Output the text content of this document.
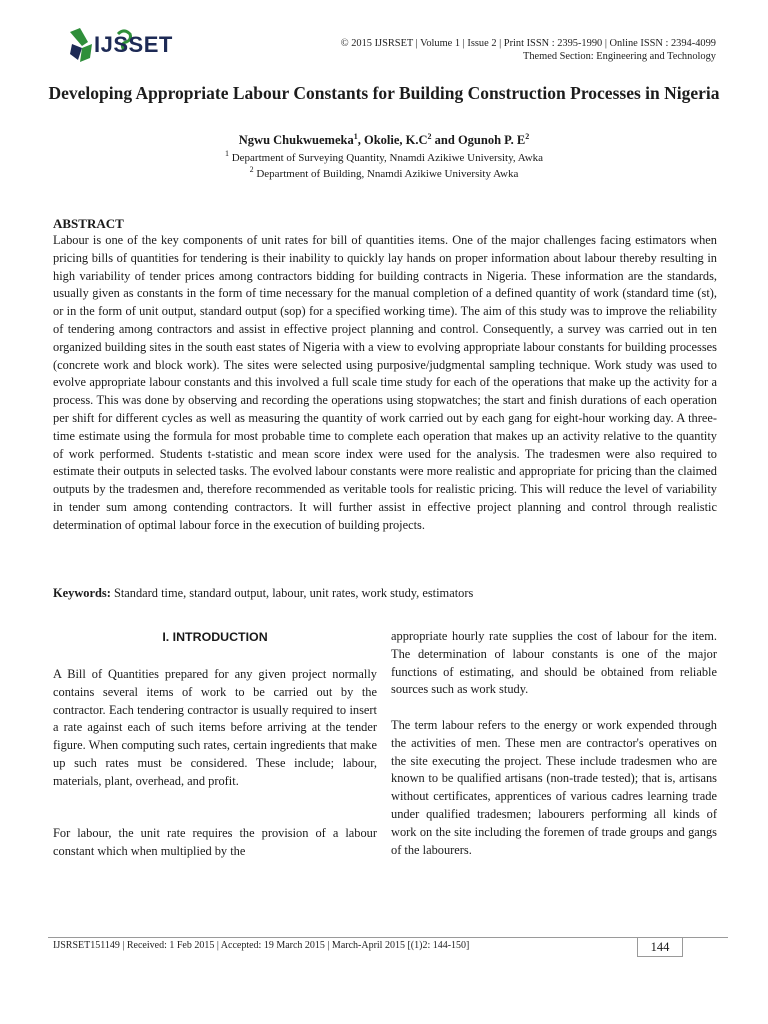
IJSSET	© 2015 IJSRSET | Volume 1 | Issue 2 | Print ISSN : 2395-1990 | Online ISSN : 2394-4099
Themed Section: Engineering and Technology
Developing Appropriate Labour Constants for Building Construction Processes in Nigeria
Ngwu Chukwuemeka$^1$, Okolie, $K.C^2$ and Ogunoh P. $E^2$
$^1$ Department of Surveying Quantity, Nnamdi Azikiwe University, Awka
$^2$ Department of Building, Nnamdi Azikiwe University Awka
ABSTRACT
Labour is one of the key components of unit rates for bill of quantities items. One of the major challenges facing estimators when pricing bills of quantities for tendering is their inability to quickly lay hands on proper information about labour thereby resulting in high variability of tender prices among contractors bidding for building contracts in Nigeria. These information are the standards, usually given as constants in the form of time necessary for the manual completion of a defined quantity of work (standard time (st), or in the form of unit output, standard output (sop) for a specified working time). The aim of this study was to improve the reliability of tendering among contractors and assist in effective project planning and control. Consequently, a survey was carried out in ten organized building sites in the south east states of Nigeria with a view to evolving appropriate labour constants for building processes (concrete work and block work). The sites were selected using purposive/judgmental sampling technique. Work study was used to evolve appropriate labour constants and this involved a full scale time study for each of the operations that make up the activity for a process. This was done by observing and recording the operations using stopwatches; the start and finish durations of each operation per shift for different cycles as well as measuring the quantity of work carried out by each gang for eight-hour working day. A three-time estimate using the formula for most probable time to complete each operation that makes up an activity relative to the quantity of work performed. Students t-statistic and mean score index were used for the analysis. The tradesmen were also required to estimate their outputs in selected tasks. The evolved labour constants were more realistic and appropriate for pricing than the claimed outputs by the tradesmen and, therefore recommended as veritable tools for realistic pricing. This will reduce the level of variability in tender sum among contending contractors. It will further assist in effective project planning and control through realistic determination of optimal labour force in the execution of building projects.
Keywords: Standard time, standard output, labour, unit rates, work study, estimators
I. INTRODUCTION
A Bill of Quantities prepared for any given project normally contains several items of work to be carried out by the contractor. Each tendering contractor is usually required to insert a rate against each of such items before arriving at the tender figure. When computing such rates, certain ingredients that make up such rates must be considered. These include; labour, materials, plant, overhead, and profit.
For labour, the unit rate requires the provision of a labour constant which when multiplied by the
appropriate hourly rate supplies the cost of labour for the item. The determination of labour constants is one of the major functions of estimating, and should be obtained from reliable sources such as work study.
The term labour refers to the energy or work expended through the activities of men. These men are contractor's operatives on the site executing the project. These include tradesmen who are known to be qualified artisans (non-trade tested); that is, artisans without certificates, apprentices of various cadres learning trade under qualified tradesmen; labourers performing all kinds of work on the site including the foremen of trade groups and gangs of the labourers.
IJSRSET151149 | Received: 1 Feb 2015 | Accepted: 19 March 2015 | March-April 2015 [(1)2: 144-150]	144
